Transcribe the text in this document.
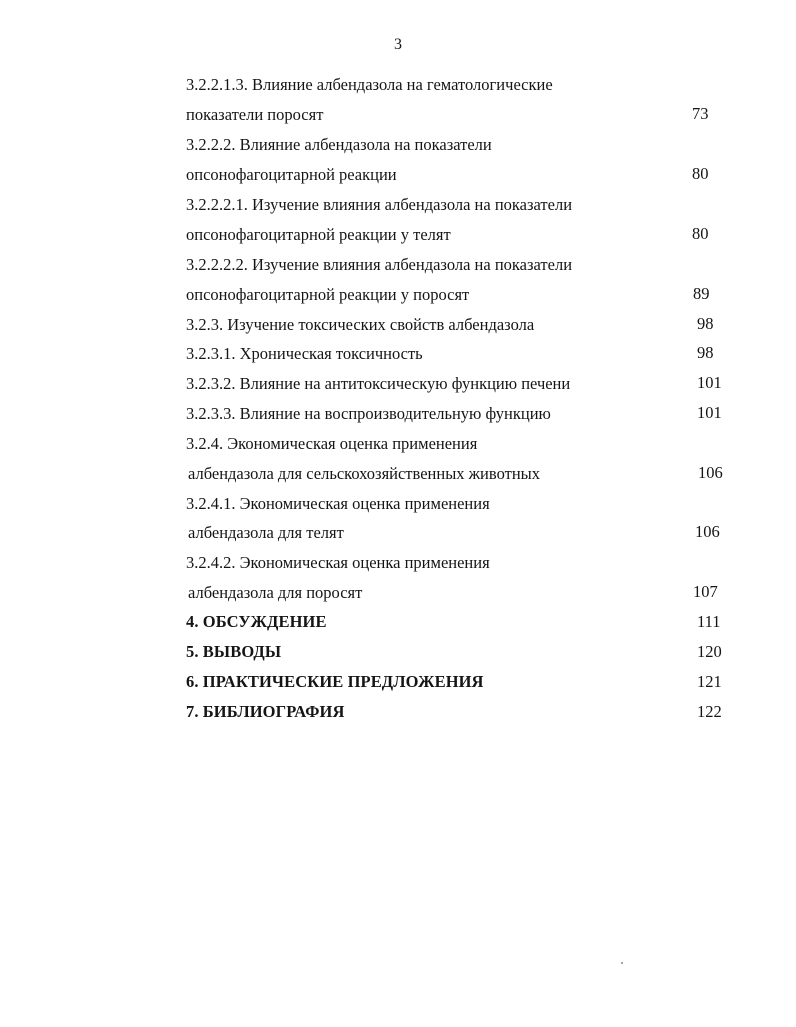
3
3.2.2.1.3. Влияние албендазола на гематологические
показатели поросят	73
3.2.2.2. Влияние албендазола на показатели
опсонофагоцитарной реакции	80
3.2.2.2.1. Изучение влияния албендазола на показатели
опсонофагоцитарной реакции у телят	80
3.2.2.2.2. Изучение влияния албендазола на показатели
опсонофагоцитарной реакции у поросят	89
3.2.3. Изучение токсических свойств албендазола	98
3.2.3.1. Хроническая токсичность	98
3.2.3.2. Влияние на антитоксическую функцию печени	101
3.2.3.3. Влияние на воспроизводительную функцию	101
3.2.4. Экономическая оценка применения
албендазола для сельскохозяйственных животных	106
3.2.4.1. Экономическая оценка применения
албендазола для телят	106
3.2.4.2. Экономическая оценка применения
албендазола для поросят	107
4. ОБСУЖДЕНИЕ	111
5. ВЫВОДЫ	120
6. ПРАКТИЧЕСКИЕ ПРЕДЛОЖЕНИЯ	121
7. БИБЛИОГРАФИЯ	122
